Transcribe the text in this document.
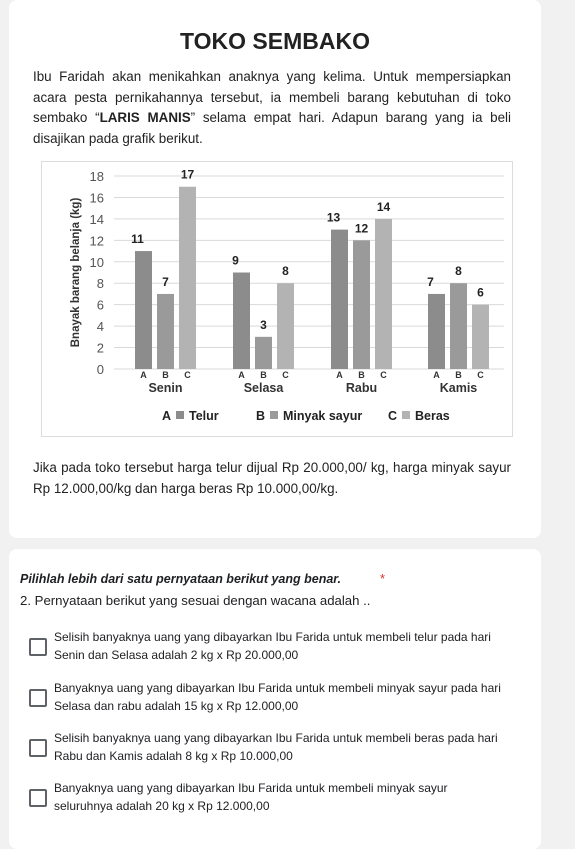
TOKO SEMBAKO
Ibu Faridah akan menikahkan anaknya yang kelima. Untuk mempersiapkan acara pesta pernikahannya tersebut, ia membeli barang kebutuhan di toko sembako “LARIS MANIS” selama empat hari. Adapun barang yang ia beli disajikan pada grafik berikut.
0
2
4
6
8
10
12
14
16
18
Bnayak barang belanja (kg)	11
A
7
B
17
C
Senin
9
A
3
B
8
C
Selasa
13
A
12
B
14
C
Rabu
7
A
8
B
6
C
Kamis
A Telur	B Minyak sayur C Beras
Jika pada toko tersebut harga telur dijual Rp 20.000,00/ kg, harga minyak sayur Rp 12.000,00/kg dan harga beras Rp 10.000,00/kg.
Pilihlah lebih dari satu pernyataan berikut yang benar.	*
2. Pernyataan berikut yang sesuai dengan wacana adalah ..
Selisih banyaknya uang yang dibayarkan Ibu Farida untuk membeli telur pada hari Senin dan Selasa adalah 2 kg x Rp 20.000,00
Banyaknya uang yang dibayarkan Ibu Farida untuk membeli minyak sayur pada hari Selasa dan rabu adalah 15 kg x Rp 12.000,00
Selisih banyaknya uang yang dibayarkan Ibu Farida untuk membeli beras pada hari Rabu dan Kamis adalah 8 kg x Rp 10.000,00
Banyaknya uang yang dibayarkan Ibu Farida untuk membeli minyak sayur seluruhnya adalah 20 kg x Rp 12.000,00
